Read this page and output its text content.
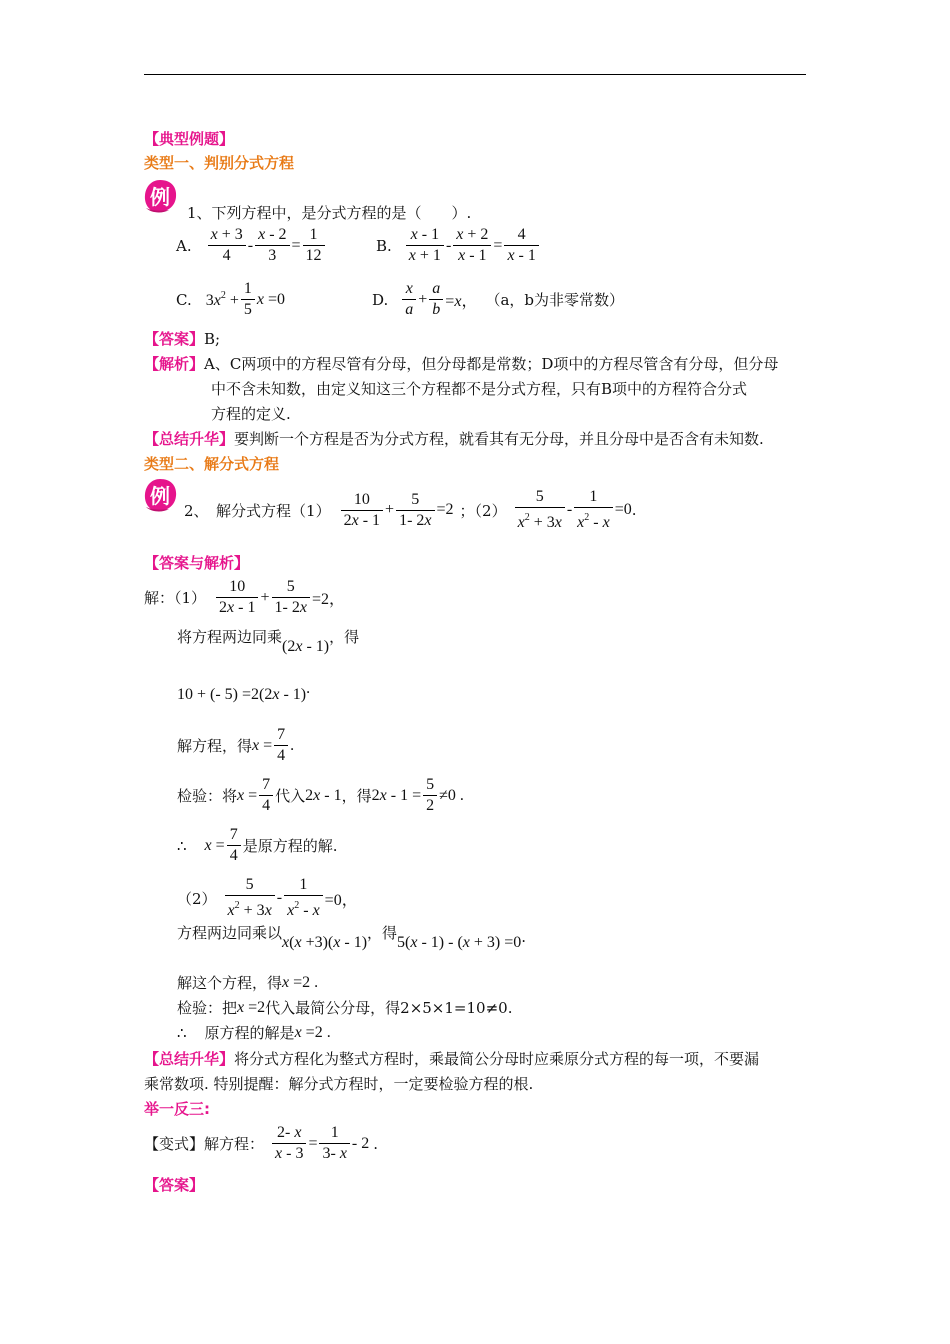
【典型例题】
类型一、判别分式方程
例
1、下列方程中，是分式方程的是（　　）.
A. $\frac{x + 3}{4} - \frac{x - 2}{3} = \frac{1}{12}$	B. $\frac{x - 1}{x + 1} - \frac{x + 2}{x - 1} = \frac{4}{x - 1}$
C. $3x^2 + \frac{1}{5}$ x =0	D. $\frac{x}{a} + \frac{a}{b} =x$， （a，b为非零常数）
【答案】B;
【解析】A、C两项中的方程尽管有分母，但分母都是常数；D项中的方程尽管含有分母，但分母
中不含未知数，由定义知这三个方程都不是分式方程，只有B项中的方程符合分式
方程的定义.
【总结升华】要判断一个方程是否为分式方程，就看其有无分母，并且分母中是否含有未知数.
类型二、解分式方程
例
2、　解分式方程$(1) \frac{10}{2x - 1} + \frac{5}{1- 2x} =2$ ；$(2) \frac{5}{x^2 + 3x} - \frac{1}{x^2 - x} =0$ .
【答案与解析】
解：$(1) \frac{10}{2x - 1} + \frac{5}{1- 2x} =2$，
将方程两边同乘 (2x - 1) ，得
10 + (- 5) =2(2x - 1).
解方程，得 $x = \frac{7}{4}$ .
检验：将 $x = \frac{7}{4}$ 代入 2x - 1 ，得 $2x - 1 = \frac{5}{2} \ne 0$ .
∴ $x = \frac{7}{4}$ 是原方程的解.
$(2) \frac{5}{x^2 + 3x} - \frac{1}{x^2 - x} =0$，
方程两边同乘以 x(x +3)(x - 1) ，得 5(x - 1) - (x + 3) =0 .
解这个方程，得 x =2 .
检验：把 x =2 代入最简公分母，得2×5×1=10≠0.
∴ 原方程的解是 x =2 .
【总结升华】将分式方程化为整式方程时，乘最简公分母时应乘原分式方程的每一项，不要漏
乘常数项. 特别提醒：解分式方程时，一定要检验方程的根.
举一反三:
【变式】解方程： $\frac{2- x}{x - 3} = \frac{1}{3- x} - 2$ .
【答案】
